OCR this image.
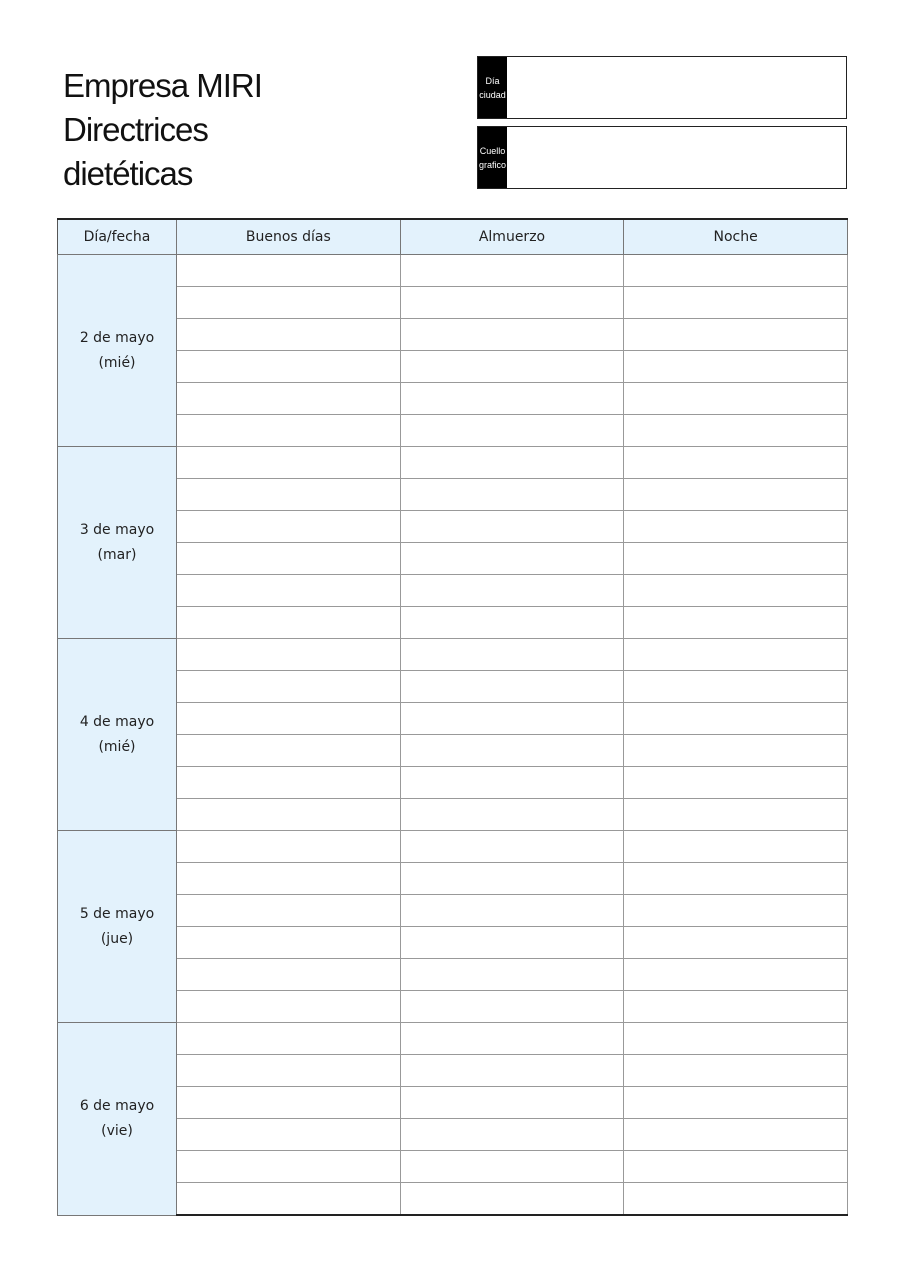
Empresa MIRI
Directrices
dietéticas
Día
ciudad
Cuello
grafico
Día/fecha	Buenos días	Almuerzo	Noche

2 de mayo
(mié)			

3 de mayo
(mar)			

4 de mayo
(mié)			

5 de mayo
(jue)			

6 de mayo
(vie)			
